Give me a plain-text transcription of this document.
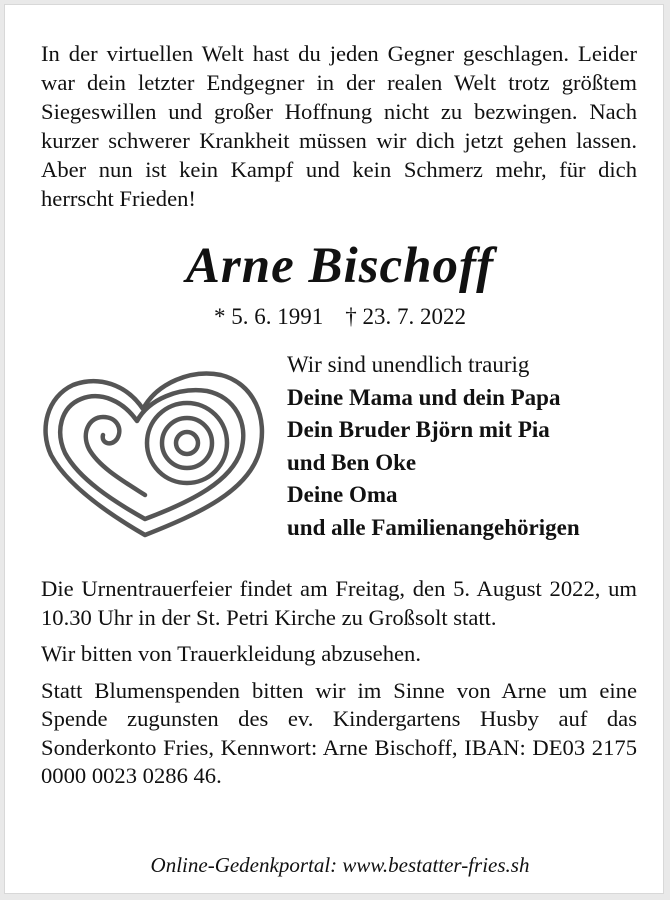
In der virtuellen Welt hast du jeden Gegner geschlagen. Leider war dein letzter Endgegner in der realen Welt trotz größtem Siegeswillen und großer Hoffnung nicht zu bezwingen. Nach kurzer schwerer Krankheit müssen wir dich jetzt gehen lassen. Aber nun ist kein Kampf und kein Schmerz mehr, für dich herrscht Frieden!
Arne Bischoff
* 5. 6. 1991 † 23. 7. 2022
Wir sind unendlich traurig
Deine Mama und dein Papa
Dein Bruder Björn mit Pia
und Ben Oke
Deine Oma
und alle Familienangehörigen

Die Urnentrauerfeier findet am Freitag, den 5. August 2022, um 10.30 Uhr in der St. Petri Kirche zu Großsolt statt.

Wir bitten von Trauerkleidung abzusehen.

Statt Blumenspenden bitten wir im Sinne von Arne um eine Spende zugunsten des ev. Kindergartens Husby auf das Sonderkonto Fries, Kennwort: Arne Bischoff, IBAN: DE03 2175 0000 0023 0286 46.

Online-Gedenkportal: www.bestatter-fries.sh
